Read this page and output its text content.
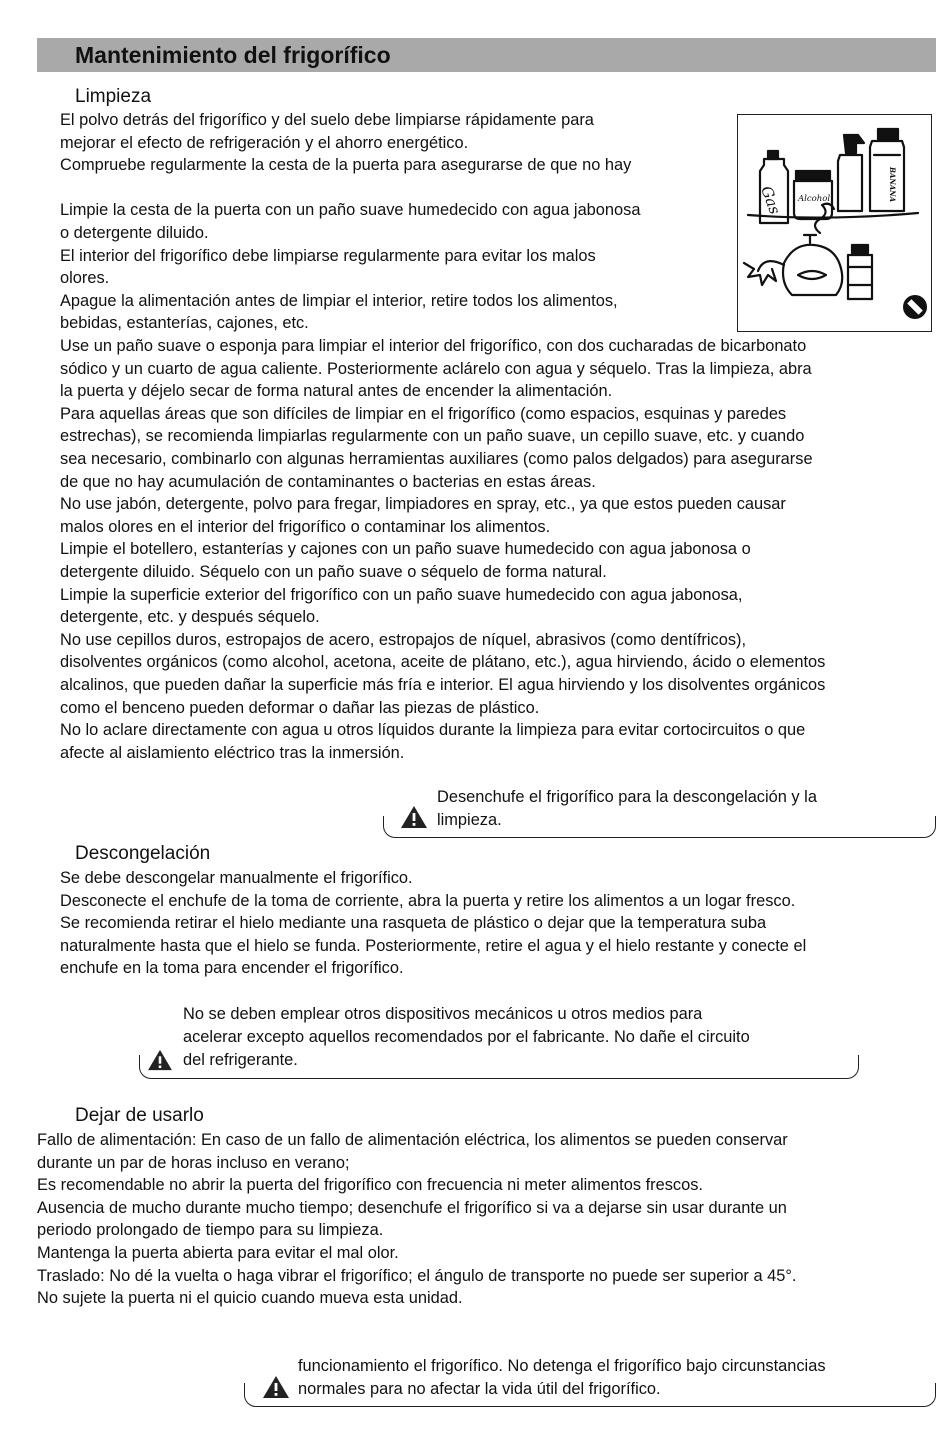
Mantenimiento del frigorífico
Limpieza

El polvo detrás del frigorífico y del suelo debe limpiarse rápidamente para

mejorar el efecto de refrigeración y el ahorro energético.

Compruebe regularmente la cesta de la puerta para asegurarse de que no hay

Limpie la cesta de la puerta con un paño suave humedecido con agua jabonosa

o detergente diluido.

El interior del frigorífico debe limpiarse regularmente para evitar los malos

olores.

Apague la alimentación antes de limpiar el interior, retire todos los alimentos,

bebidas, estanterías, cajones, etc.

Use un paño suave o esponja para limpiar el interior del frigorífico, con dos cucharadas de bicarbonato

sódico y un cuarto de agua caliente. Posteriormente aclárelo con agua y séquelo. Tras la limpieza, abra

la puerta y déjelo secar de forma natural antes de encender la alimentación.

Para aquellas áreas que son difíciles de limpiar en el frigorífico (como espacios, esquinas y paredes

estrechas), se recomienda limpiarlas regularmente con un paño suave, un cepillo suave, etc. y cuando

sea necesario, combinarlo con algunas herramientas auxiliares (como palos delgados) para asegurarse

de que no hay acumulación de contaminantes o bacterias en estas áreas.

No use jabón, detergente, polvo para fregar, limpiadores en spray, etc., ya que estos pueden causar

malos olores en el interior del frigorífico o contaminar los alimentos.

Limpie el botellero, estanterías y cajones con un paño suave humedecido con agua jabonosa o

detergente diluido. Séquelo con un paño suave o séquelo de forma natural.

Limpie la superficie exterior del frigorífico con un paño suave humedecido con agua jabonosa,

detergente, etc. y después séquelo.

No use cepillos duros, estropajos de acero, estropajos de níquel, abrasivos (como dentífricos),

disolventes orgánicos (como alcohol, acetona, aceite de plátano, etc.), agua hirviendo, ácido o elementos

alcalinos, que pueden dañar la superficie más fría e interior. El agua hirviendo y los disolventes orgánicos

como el benceno pueden deformar o dañar las piezas de plástico.

No lo aclare directamente con agua u otros líquidos durante la limpieza para evitar cortocircuitos o que

afecte al aislamiento eléctrico tras la inmersión.

Gas Alcohol	BANANA

Desenchufe el frigorífico para la descongelación y la

limpieza.

Descongelación

Se debe descongelar manualmente el frigorífico.

Desconecte el enchufe de la toma de corriente, abra la puerta y retire los alimentos a un logar fresco.

Se recomienda retirar el hielo mediante una rasqueta de plástico o dejar que la temperatura suba

naturalmente hasta que el hielo se funda. Posteriormente, retire el agua y el hielo restante y conecte el

enchufe en la toma para encender el frigorífico.

No se deben emplear otros dispositivos mecánicos u otros medios para

acelerar excepto aquellos recomendados por el fabricante. No dañe el circuito

del refrigerante.

Dejar de usarlo

Fallo de alimentación: En caso de un fallo de alimentación eléctrica, los alimentos se pueden conservar

durante un par de horas incluso en verano;

Es recomendable no abrir la puerta del frigorífico con frecuencia ni meter alimentos frescos.

Ausencia de mucho durante mucho tiempo; desenchufe el frigorífico si va a dejarse sin usar durante un

periodo prolongado de tiempo para su limpieza.

Mantenga la puerta abierta para evitar el mal olor.

Traslado: No dé la vuelta o haga vibrar el frigorífico; el ángulo de transporte no puede ser superior a 45°.

No sujete la puerta ni el quicio cuando mueva esta unidad.

funcionamiento el frigorífico. No detenga el frigorífico bajo circunstancias

normales para no afectar la vida útil del frigorífico.
